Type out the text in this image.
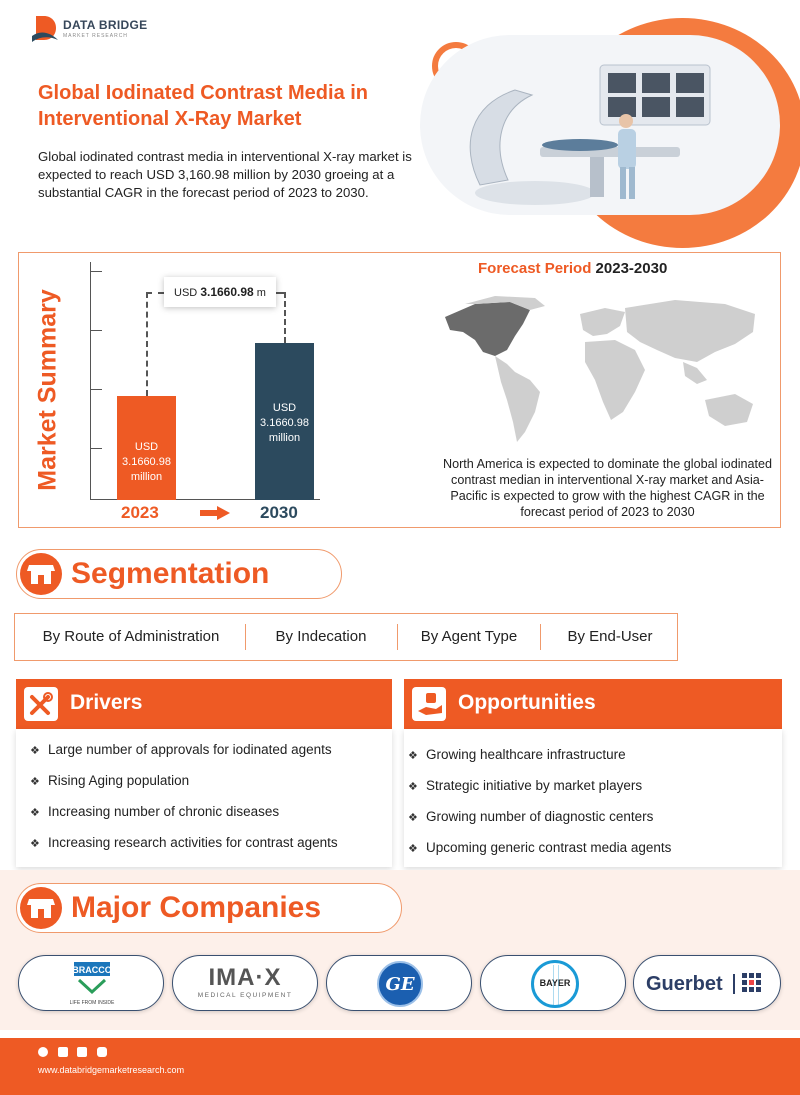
DATA BRIDGE
MARKET RESEARCH
Global Iodinated Contrast Media in Interventional X-Ray Market
Global iodinated contrast media in interventional X-ray market is expected to reach USD 3,160.98 million by 2030 groeing at a substantial CAGR in the forecast period of 2023 to 2030.
Market Summary	USD 3.1660.98 m
USD
3.1660.98
million
USD
3.1660.98
million
2023	2030
Forecast Period 2023-2030
North America is expected to dominate the global iodinated contrast median in interventional X-ray market and Asia-Pacific is expected to grow with the highest CAGR in the forecast period of 2023 to 2030
Segmentation
By Route of Administration	By Indecation	By Agent Type	By End-User
Drivers
❖ Large number of approvals for iodinated agents
❖ Rising Aging population
❖ Increasing number of chronic diseases
❖ Increasing research activities for contrast agents
Opportunities
❖ Growing healthcare infrastructure
❖ Strategic initiative by market players
❖ Growing number of diagnostic centers
❖ Upcoming generic contrast media agents
Major Companies
BRACCO
LIFE FROM INSIDE
IMA·X
MEDICAL EQUIPMENT
GE	BAYER	Guerbet
www.databridgemarketresearch.com
